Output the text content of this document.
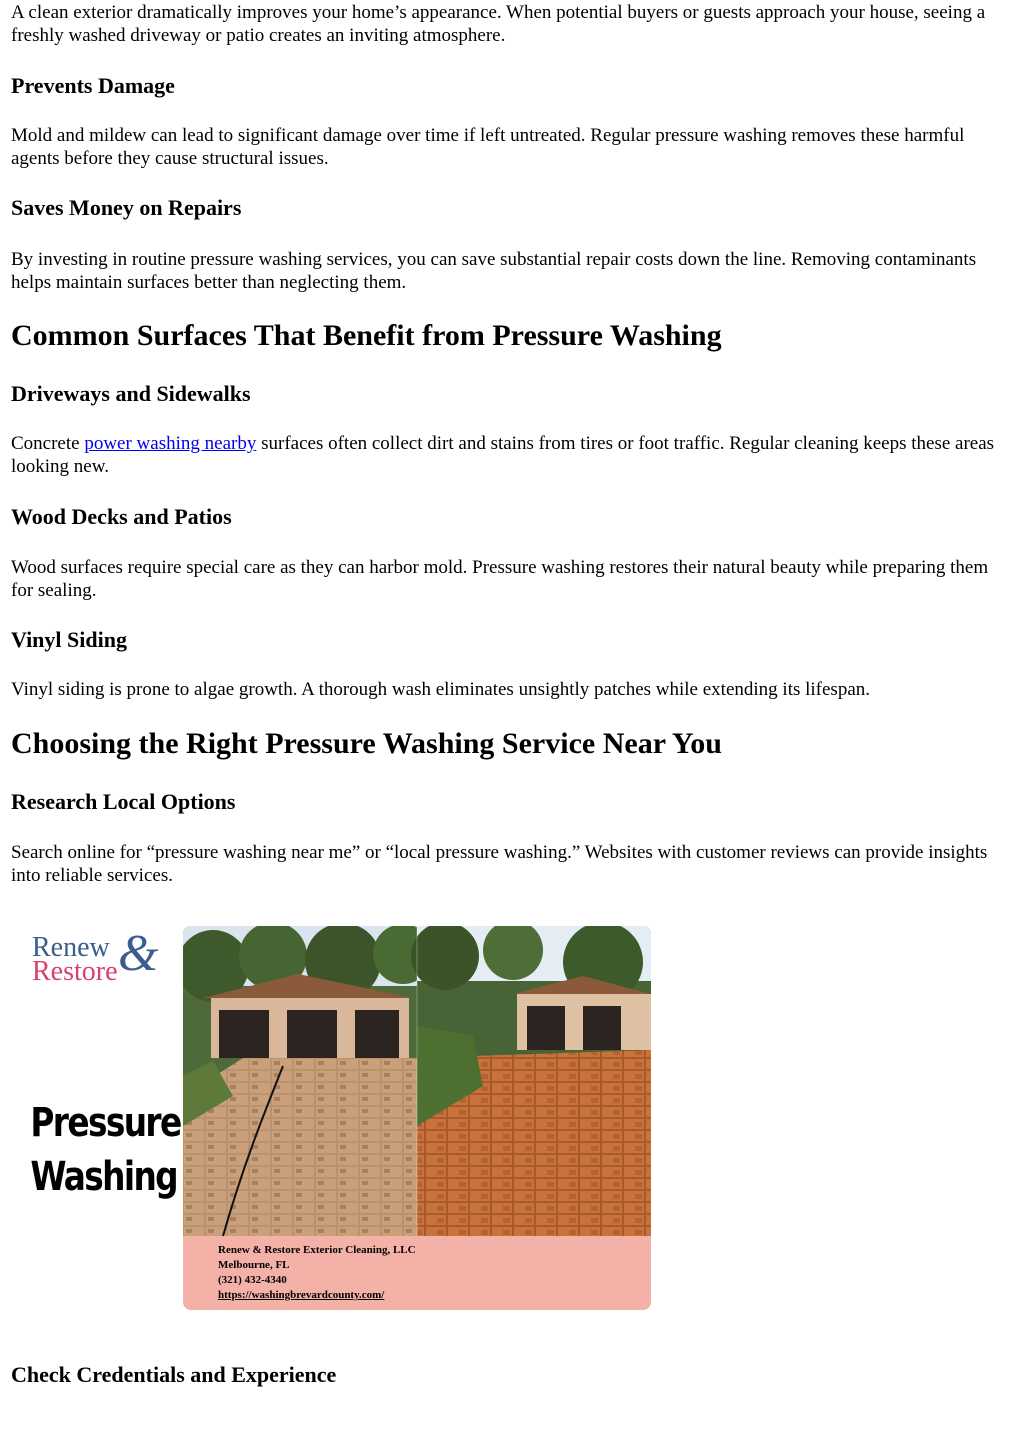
A clean exterior dramatically improves your home’s appearance. When potential buyers or guests approach your house, seeing a freshly washed driveway or patio creates an inviting atmosphere.

Prevents Damage

Mold and mildew can lead to significant damage over time if left untreated. Regular pressure washing removes these harmful agents before they cause structural issues.

Saves Money on Repairs

By investing in routine pressure washing services, you can save substantial repair costs down the line. Removing contaminants helps maintain surfaces better than neglecting them.

Common Surfaces That Benefit from Pressure Washing
Driveways and Sidewalks

Concrete power washing nearby surfaces often collect dirt and stains from tires or foot traffic. Regular cleaning keeps these areas looking new.

Wood Decks and Patios

Wood surfaces require special care as they can harbor mold. Pressure washing restores their natural beauty while preparing them for sealing.

Vinyl Siding

Vinyl siding is prone to algae growth. A thorough wash eliminates unsightly patches while extending its lifespan.

Choosing the Right Pressure Washing Service Near You
Research Local Options

Search online for “pressure washing near me” or “local pressure washing.” Websites with customer reviews can provide insights into reliable services.

Check Credentials and Experience
Renew
Restore &
Pressure
Washing
Renew & Restore Exterior Cleaning, LLC
Melbourne, FL
(321) 432-4340
https://washingbrevardcounty.com/
